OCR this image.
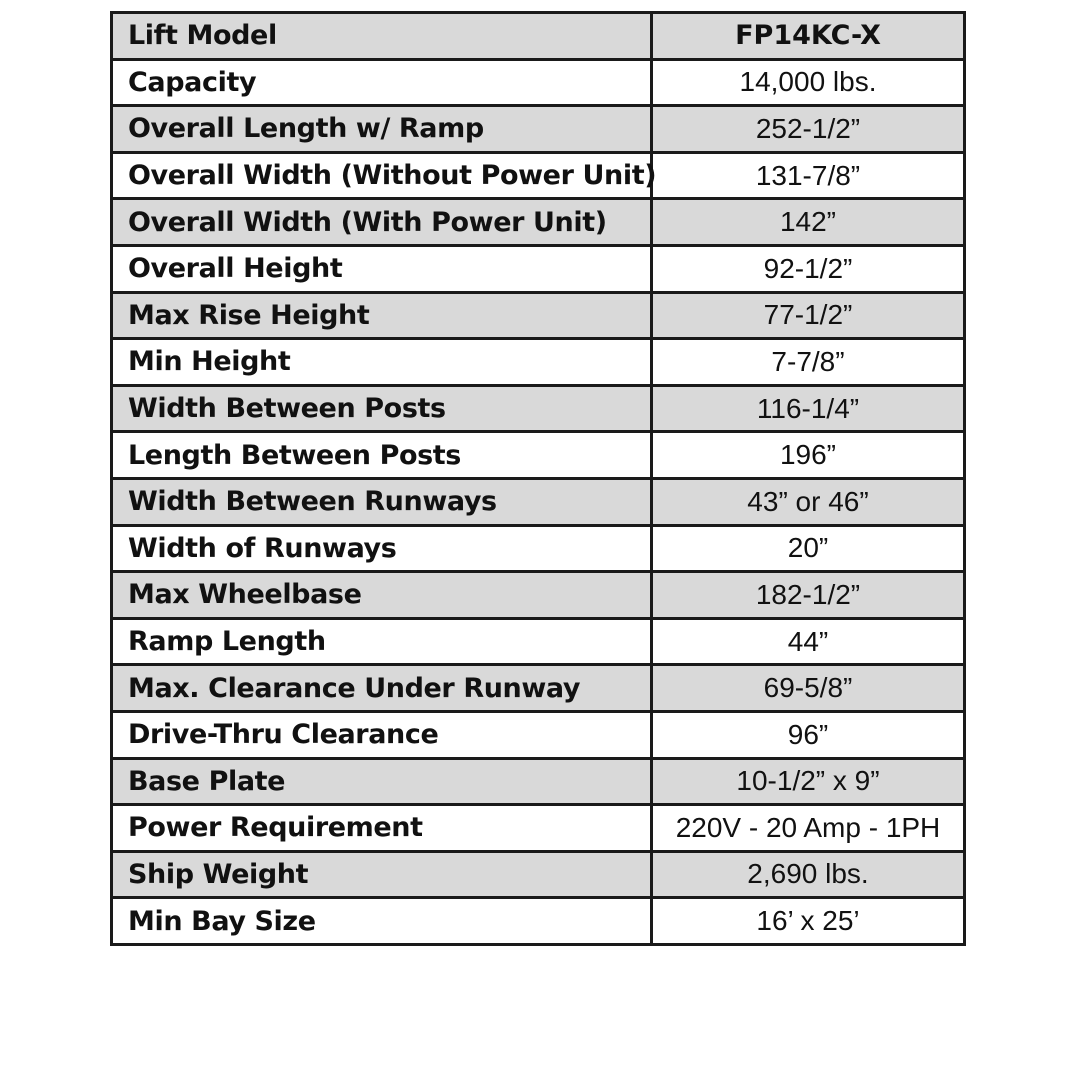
Lift Model	FP14KC-X
Capacity	14,000 lbs.
Overall Length w/ Ramp	252-1/2”
Overall Width (Without Power Unit)	131-7/8”
Overall Width (With Power Unit)	142”
Overall Height	92-1/2”
Max Rise Height	77-1/2”
Min Height	7-7/8”
Width Between Posts	116-1/4”
Length Between Posts	196”
Width Between Runways	43” or 46”
Width of Runways	20”
Max Wheelbase	182-1/2”
Ramp Length	44”
Max. Clearance Under Runway	69-5/8”
Drive-Thru Clearance	96”
Base Plate	10-1/2” x 9”
Power Requirement	220V - 20 Amp - 1PH
Ship Weight	2,690 lbs.
Min Bay Size	16’ x 25’
